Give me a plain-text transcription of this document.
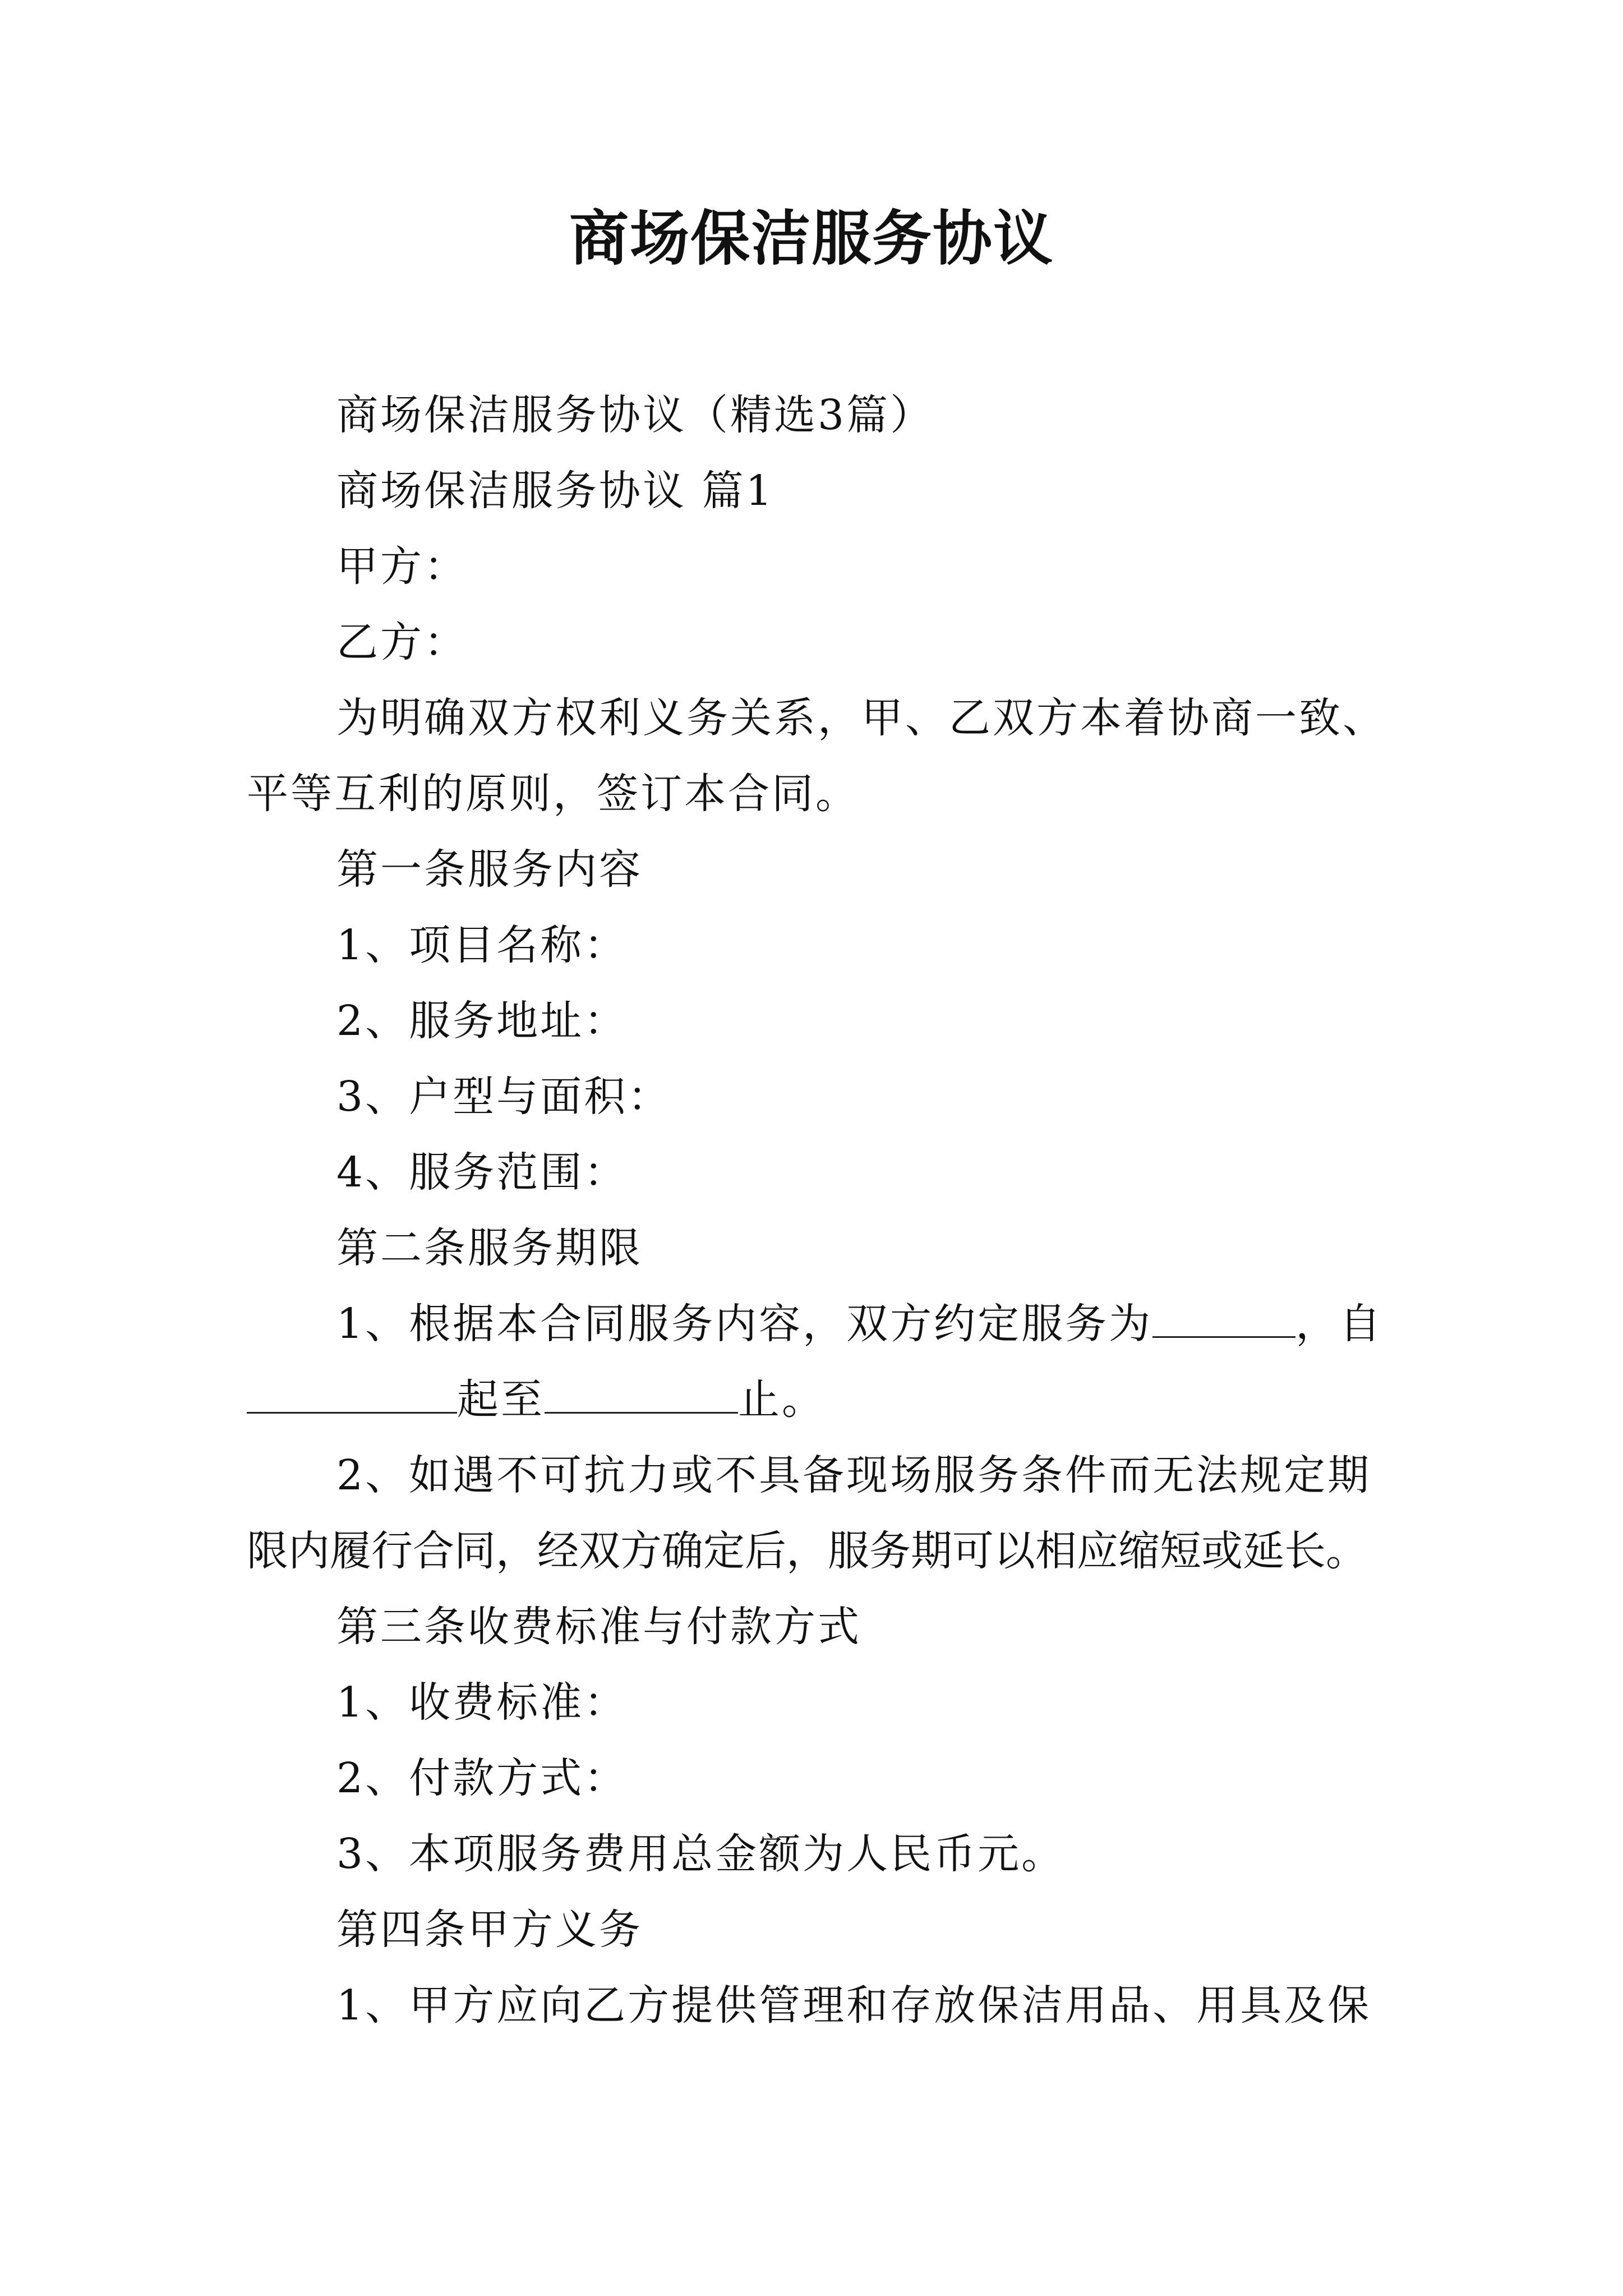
商场保洁服务协议
商场保洁服务协议（精选3篇）
商场保洁服务协议 篇1
甲方：
乙方：
为明确双方权利义务关系，甲、乙双方本着协商一致、
平等互利的原则，签订本合同。
第一条服务内容
1、项目名称：
2、服务地址：
3、户型与面积：
4、服务范围：
第二条服务期限
1、根据本合同服务内容，双方约定服务为	，自
起至	止。
2、如遇不可抗力或不具备现场服务条件而无法规定期
限内履行合同，经双方确定后，服务期可以相应缩短或延长。
第三条收费标准与付款方式
1、收费标准：
2、付款方式：
3、本项服务费用总金额为人民币元。
第四条甲方义务
1、甲方应向乙方提供管理和存放保洁用品、用具及保
